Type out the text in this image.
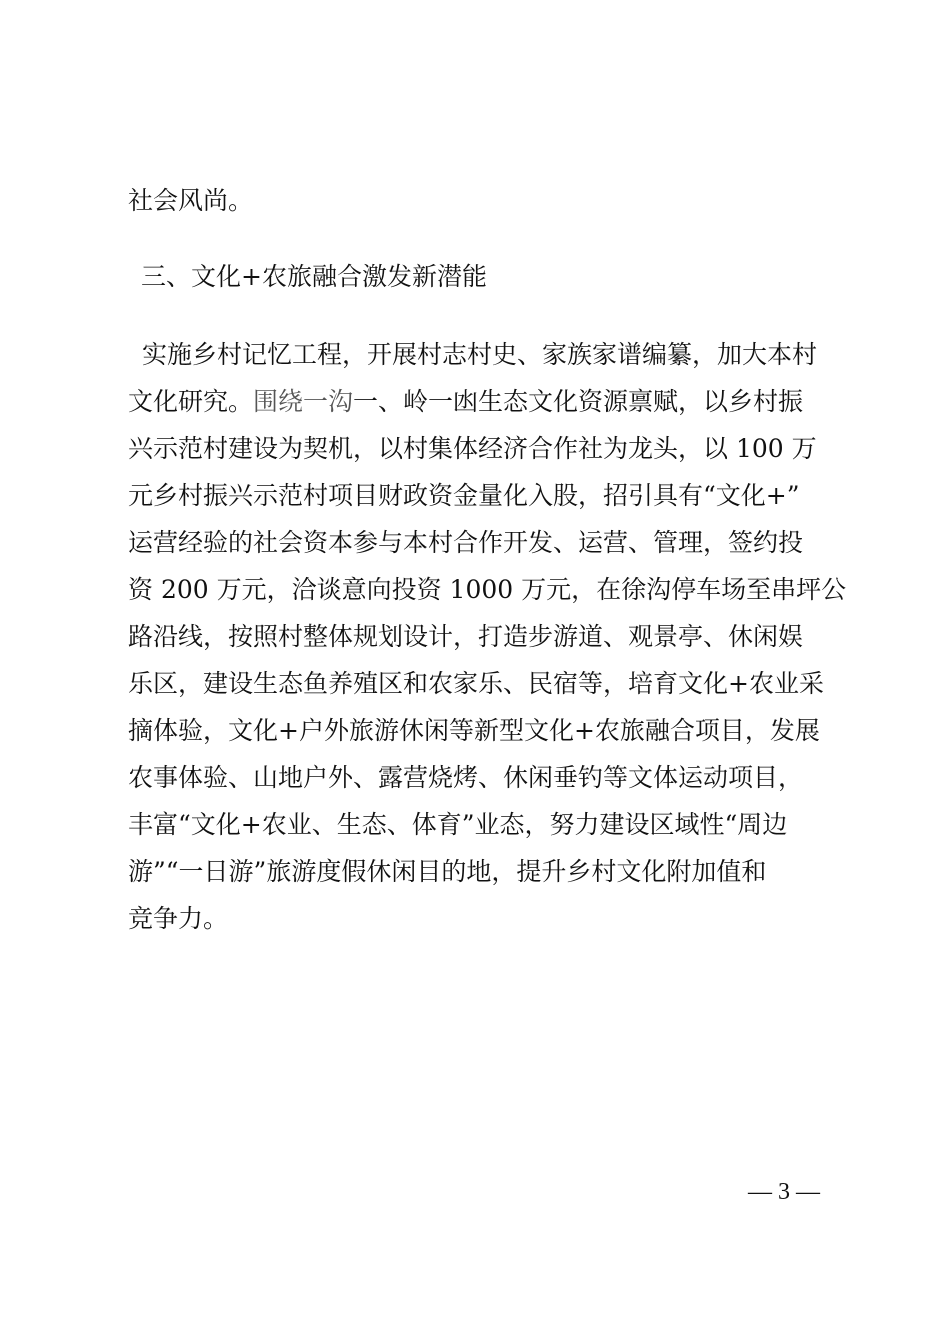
社会风尚。
三、文化+农旅融合激发新潜能
实施乡村记忆工程，开展村志村史、家族家谱编纂，加大本村
文化研究。围绕一沟一、岭一凼生态文化资源禀赋，以乡村振
兴示范村建设为契机，以村集体经济合作社为龙头，以 100 万
元乡村振兴示范村项目财政资金量化入股，招引具有“文化+”
运营经验的社会资本参与本村合作开发、运营、管理，签约投
资 200 万元，洽谈意向投资 1000 万元，在徐沟停车场至串坪公
路沿线，按照村整体规划设计，打造步游道、观景亭、休闲娱
乐区，建设生态鱼养殖区和农家乐、民宿等，培育文化+农业采
摘体验，文化+户外旅游休闲等新型文化+农旅融合项目，发展
农事体验、山地户外、露营烧烤、休闲垂钓等文体运动项目，
丰富“文化+农业、生态、体育”业态，努力建设区域性“周边
游”“一日游”旅游度假休闲目的地，提升乡村文化附加值和
竞争力。
— 3 —
